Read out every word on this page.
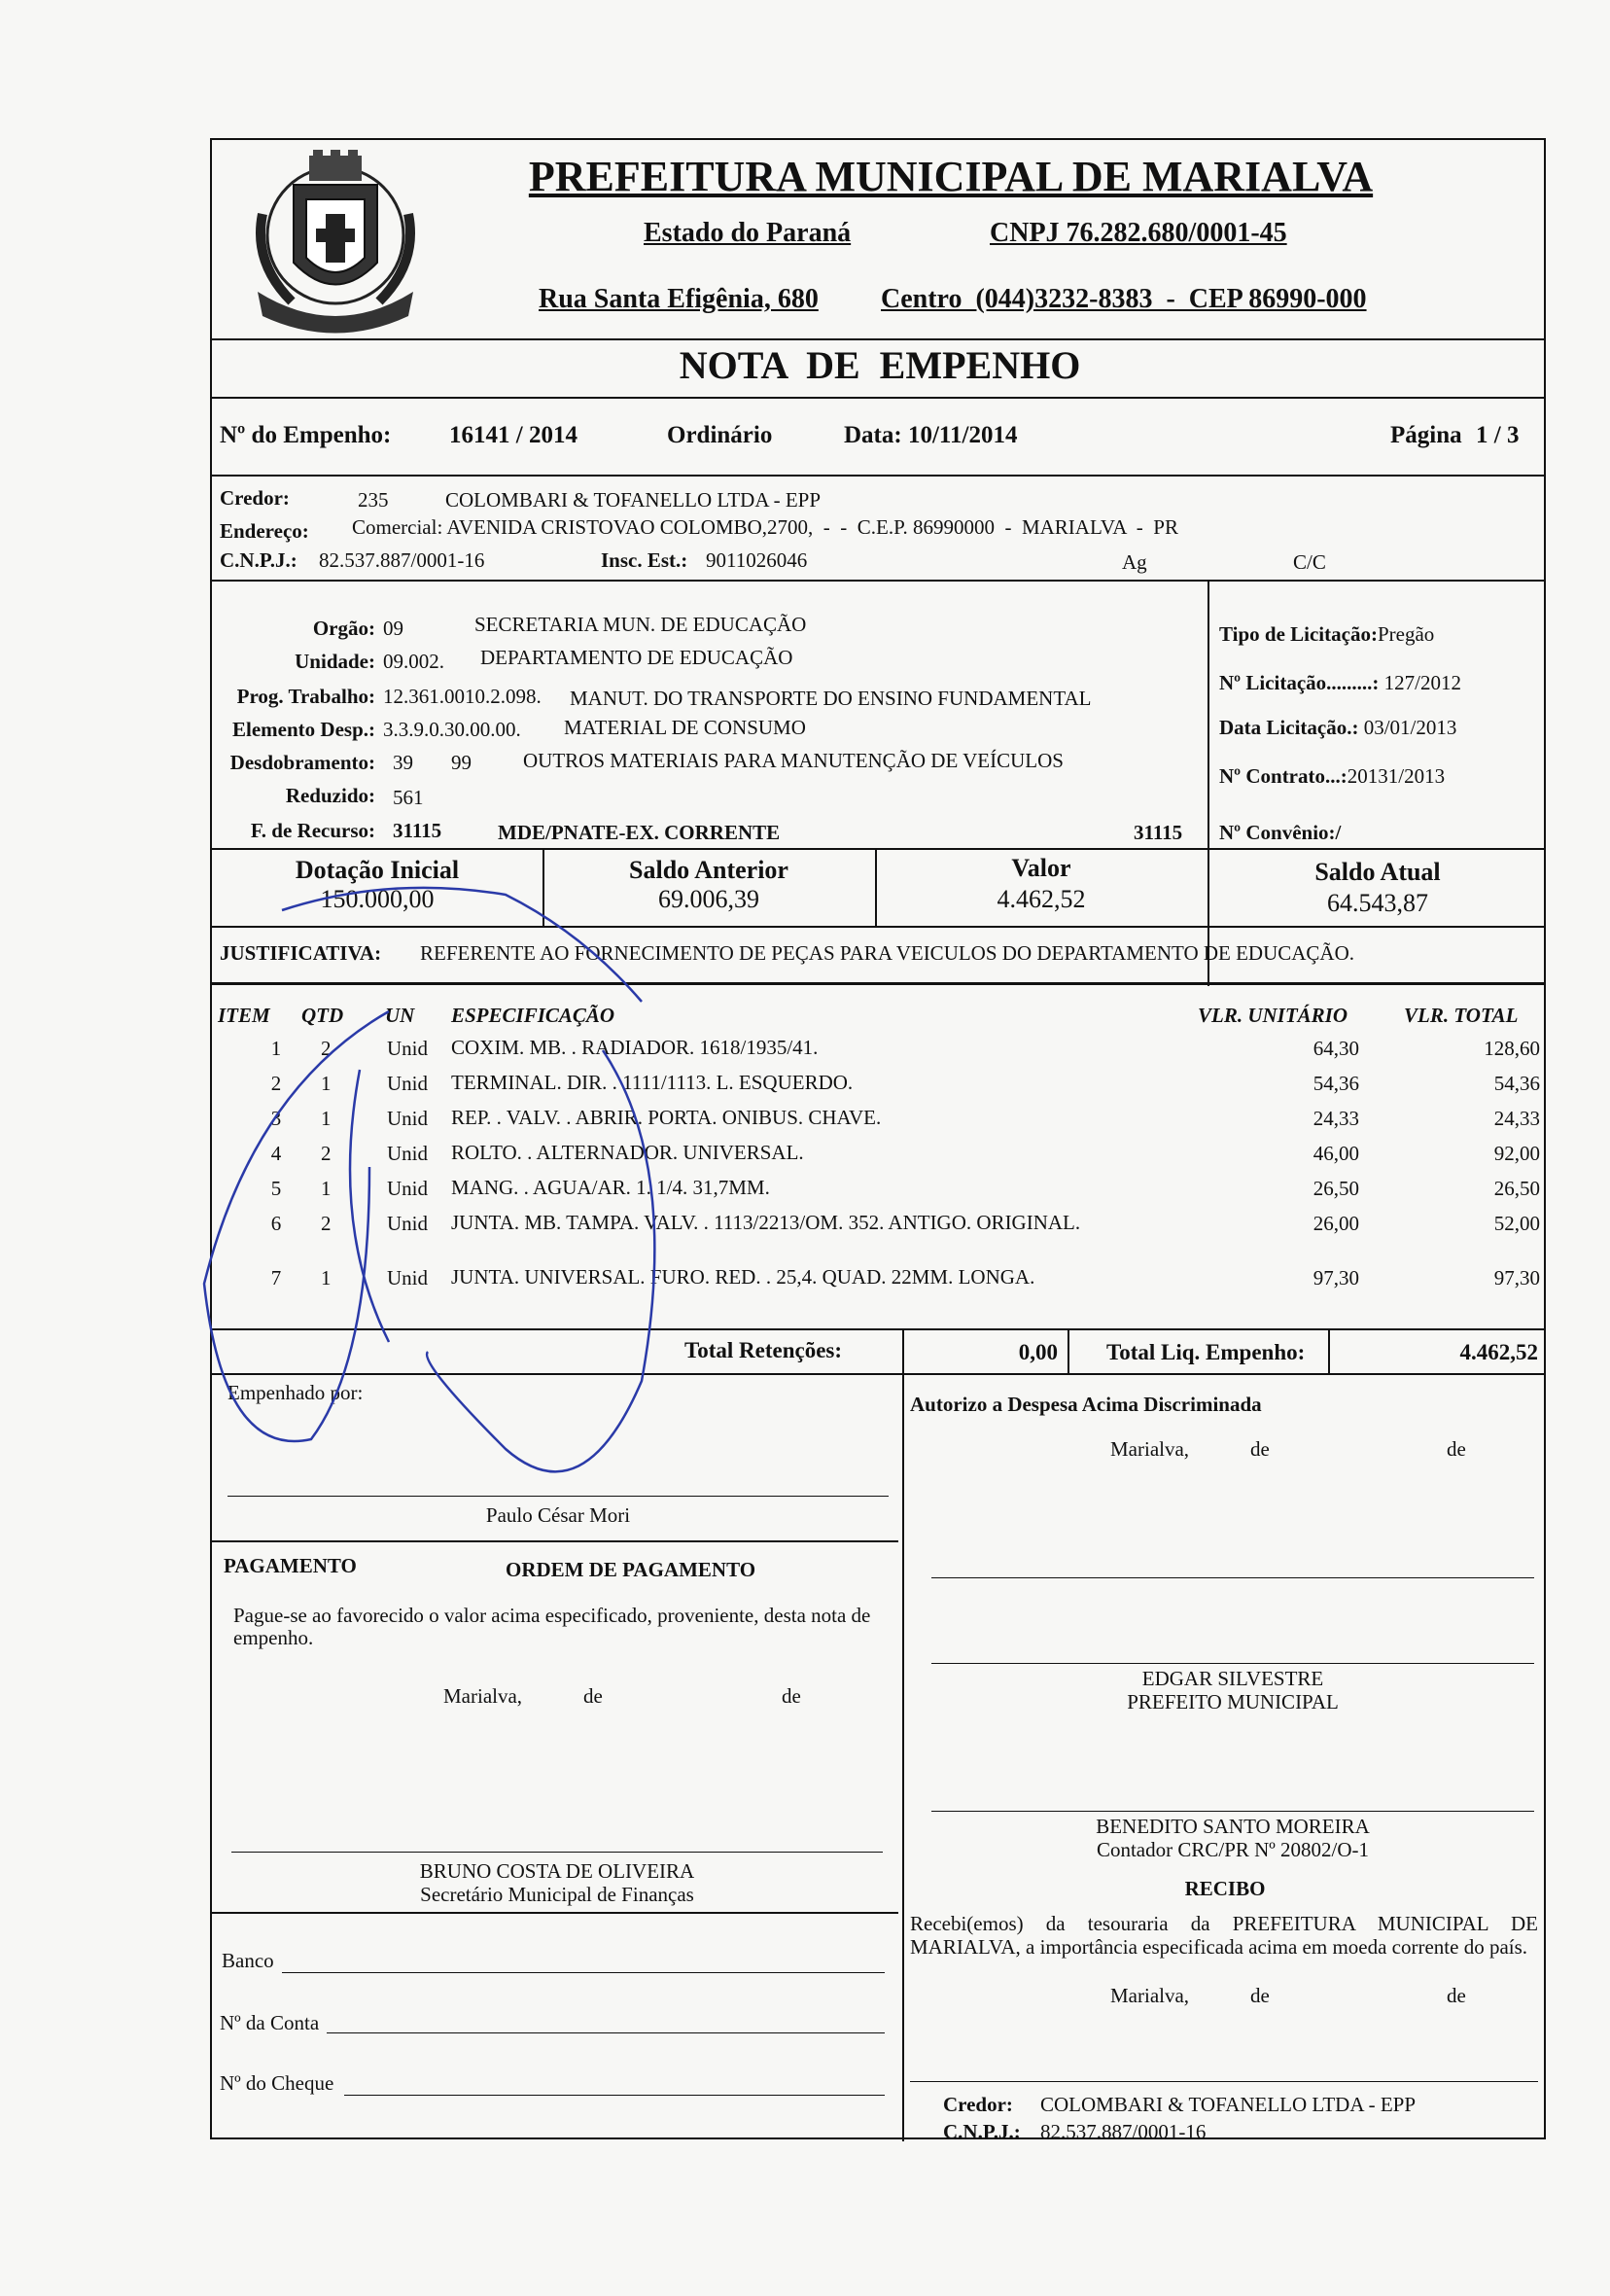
PREFEITURA MUNICIPAL DE MARIALVA
Estado do Paraná	CNPJ 76.282.680/0001-45
Rua Santa Efigênia, 680 Centro  (044)3232-8383  -  CEP 86990-000
NOTA  DE  EMPENHO
Nº do Empenho: 16141 / 2014	Ordinário	Data: 10/11/2014	Página 1 / 3
Credor:	235	COLOMBARI & TOFANELLO LTDA - EPP
Endereço: Comercial: AVENIDA CRISTOVAO COLOMBO,2700,  -  -  C.E.P. 86990000  -  MARIALVA  -  PR
C.N.P.J.: 82.537.887/0001-16	Insc. Est.: 9011026046	Ag	C/C
Orgão: 09	SECRETARIA MUN. DE EDUCAÇÃO
Unidade: 09.002. DEPARTAMENTO DE EDUCAÇÃO
Prog. Trabalho: 12.361.0010.2.098. MANUT. DO TRANSPORTE DO ENSINO FUNDAMENTAL
Elemento Desp.: 3.3.9.0.30.00.00. MATERIAL DE CONSUMO
Desdobramento: 39 99	OUTROS MATERIAIS PARA MANUTENÇÃO DE VEÍCULOS
Reduzido: 561
F. de Recurso: 31115	MDE/PNATE-EX. CORRENTE	31115
Tipo de Licitação:Pregão
Nº Licitação.........: 127/2012
Data Licitação.: 03/01/2013
Nº Contrato...:20131/2013
Nº Convênio:/
Dotação Inicial
150.000,00
Saldo Anterior
69.006,39
Valor
4.462,52
Saldo Atual
64.543,87
JUSTIFICATIVA: REFERENTE AO FORNECIMENTO DE PEÇAS PARA VEICULOS DO DEPARTAMENTO DE EDUCAÇÃO.
ITEM QTD UN ESPECIFICAÇÃO	VLR. UNITÁRIO	VLR. TOTAL
1	2	Unid	COXIM. MB. . RADIADOR. 1618/1935/41.	64,30	128,60
2	1	Unid	TERMINAL. DIR. . 1111/1113. L. ESQUERDO.	54,36	54,36
3	1	Unid	REP. . VALV. . ABRIR. PORTA. ONIBUS. CHAVE.	24,33	24,33
4	2	Unid	ROLTO. . ALTERNADOR. UNIVERSAL.	46,00	92,00
5	1	Unid	MANG. . AGUA/AR. 1. 1/4. 31,7MM.	26,50	26,50
6	2	Unid	JUNTA. MB. TAMPA. VALV. . 1113/2213/OM. 352. ANTIGO. ORIGINAL.	26,00	52,00
7	1	Unid	JUNTA. UNIVERSAL. FURO. RED. . 25,4. QUAD. 22MM. LONGA.	97,30	97,30
Total Retenções:	0,00 Total Liq. Empenho:	4.462,52
Empenhado por:
Paulo César Mori
Autorizo a Despesa Acima Discriminada
Marialva,	de	de
PAGAMENTO	ORDEM DE PAGAMENTO
Pague-se ao favorecido o valor acima especificado, proveniente, desta nota de empenho.
Marialva,	de	de
EDGAR SILVESTRE
PREFEITO MUNICIPAL
BENEDITO SANTO MOREIRA
Contador CRC/PR Nº 20802/O-1
BRUNO COSTA DE OLIVEIRA
Secretário Municipal de Finanças	RECIBO
Recebi(emos) da tesouraria da PREFEITURA MUNICIPAL DE MARIALVA, a importância especificada acima em moeda corrente do país.
Marialva,	de	de
Credor: COLOMBARI & TOFANELLO LTDA - EPP
C.N.P.J.: 82.537.887/0001-16
Banco
Nº da Conta
Nº do Cheque
